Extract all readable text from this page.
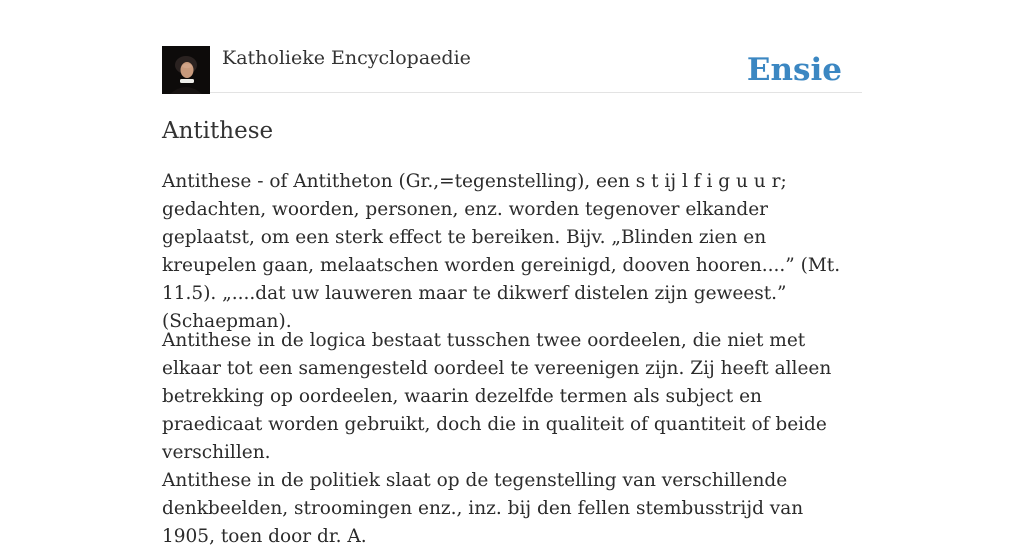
Katholieke Encyclopaedie	Ensie
Antithese

Antithese - of Antitheton (Gr.,=tegenstelling), een s t ij l f i g u u r; gedachten, woorden, personen, enz. worden tegenover elkander geplaatst, om een sterk effect te bereiken. Bijv. „Blinden zien en kreupelen gaan, melaatschen worden gereinigd, dooven hooren....” (Mt. 11.5). „....dat uw lauweren maar te dikwerf distelen zijn geweest.” (Schaepman).

Antithese in de logica bestaat tusschen twee oordeelen, die niet met elkaar tot een samengesteld oordeel te vereenigen zijn. Zij heeft alleen betrekking op oordeelen, waarin dezelfde termen als subject en praedicaat worden gebruikt, doch die in qualiteit of quantiteit of beide verschillen.

Antithese in de politiek slaat op de tegenstelling van verschillende denkbeelden, stroomingen enz., inz. bij den fellen stembusstrijd van 1905, toen door dr. A.
